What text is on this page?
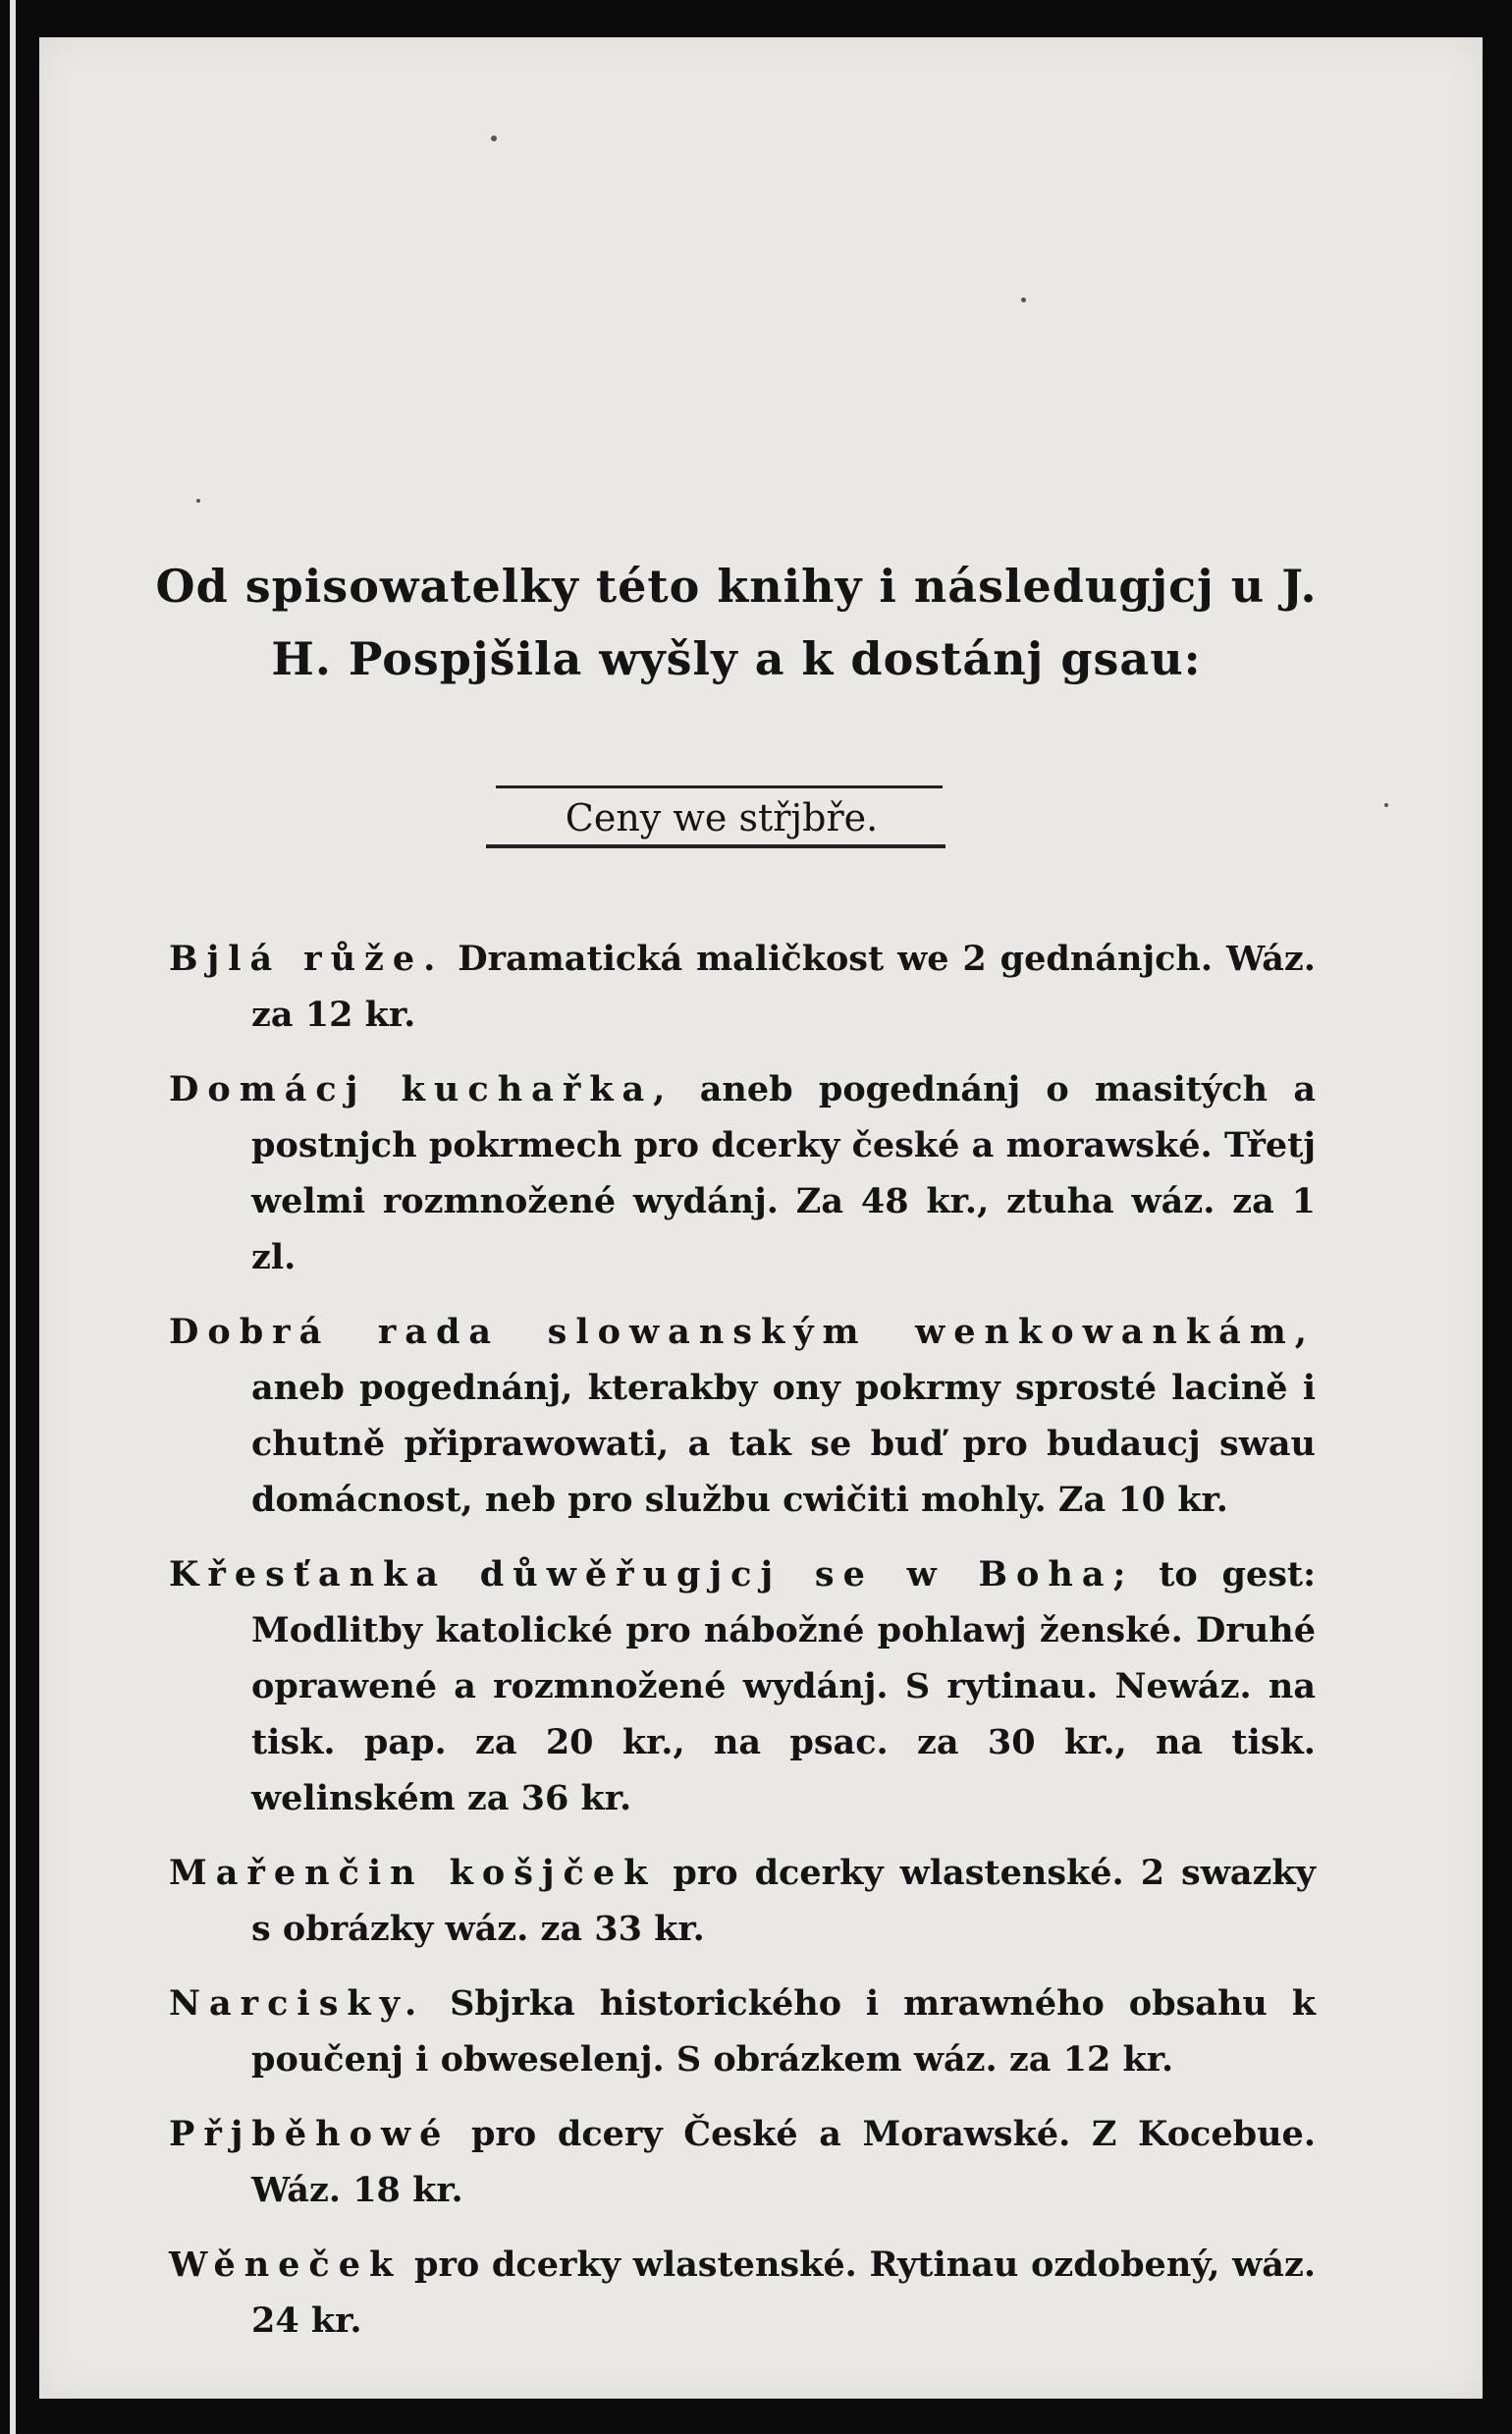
Od spisowatelky této knihy i následugjcj u J. H. Pospjšila wyšly a k dostánj gsau:
Ceny we střjbře.
Bjlá růže. Dramatická maličkost we 2 gednánjch. Wáz. za 12 kr.
Domácj kuchařka, aneb pogednánj o masitých a postnjch pokrmech pro dcerky české a morawské. Třetj welmi rozmnožené wydánj. Za 48 kr., ztuha wáz. za 1 zl.
Dobrá rada slowanským wenkowankám, aneb pogednánj, kterakby ony pokrmy sprosté lacině i chutně připrawowati, a tak se buď pro budaucj swau domácnost, neb pro službu cwičiti mohly. Za 10 kr.
Křesťanka důwěřugjcj se w Boha; to gest: Modlitby katolické pro nábožné pohlawj ženské. Druhé oprawené a rozmnožené wydánj. S rytinau. Newáz. na tisk. pap. za 20 kr., na psac. za 30 kr., na tisk. welinském za 36 kr.
Mařenčin košjček pro dcerky wlastenské. 2 swazky s obrázky wáz. za 33 kr.
Narcisky. Sbjrka historického i mrawného obsahu k poučenj i obweselenj. S obrázkem wáz. za 12 kr.
Přjběhowé pro dcery České a Morawské. Z Kocebue. Wáz. 18 kr.
Wěneček pro dcerky wlastenské. Rytinau ozdobený, wáz. 24 kr.
